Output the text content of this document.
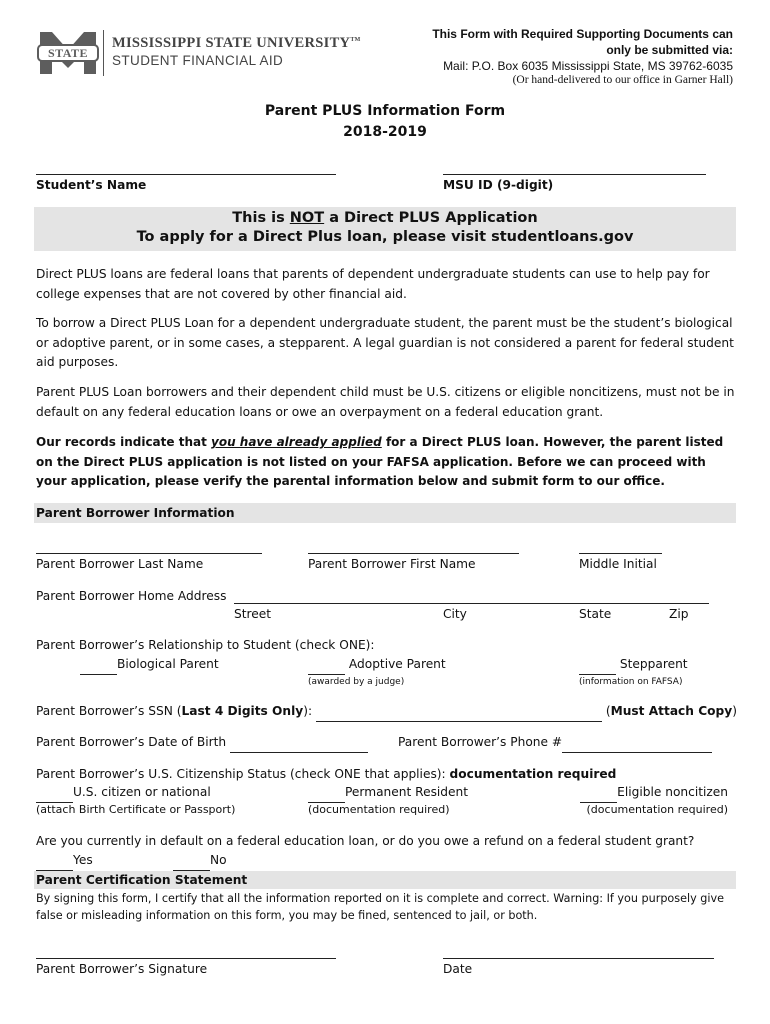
STATE
MISSISSIPPI STATE UNIVERSITY™
STUDENT FINANCIAL AID
This Form with Required Supporting Documents can
only be submitted via:
Mail: P.O. Box 6035 Mississippi State, MS 39762-6035
(Or hand-delivered to our office in Garner Hall)
Parent PLUS Information Form
2018-2019
Student’s Name	MSU ID (9-digit)
This is NOT a Direct PLUS Application
To apply for a Direct Plus loan, please visit studentloans.gov
Direct PLUS loans are federal loans that parents of dependent undergraduate students can use to help pay for college expenses that are not covered by other financial aid.
To borrow a Direct PLUS Loan for a dependent undergraduate student, the parent must be the student’s biological or adoptive parent, or in some cases, a stepparent. A legal guardian is not considered a parent for federal student aid purposes.
Parent PLUS Loan borrowers and their dependent child must be U.S. citizens or eligible noncitizens, must not be in default on any federal education loans or owe an overpayment on a federal education grant.
Our records indicate that you have already applied for a Direct PLUS loan. However, the parent listed on the Direct PLUS application is not listed on your FAFSA application. Before we can proceed with your application, please verify the parental information below and submit form to our office.
Parent Borrower Information
Parent Borrower Last Name	Parent Borrower First Name	Middle Initial
Parent Borrower Home Address
Street	City	State	Zip
Parent Borrower’s Relationship to Student (check ONE):
Biological Parent	Adoptive Parent
(awarded by a judge)
Stepparent
(information on FAFSA)
Parent Borrower’s SSN (Last 4 Digits Only):	(Must Attach Copy)
Parent Borrower’s Date of Birth	Parent Borrower’s Phone #
Parent Borrower’s U.S. Citizenship Status (check ONE that applies): documentation required
U.S. citizen or national
(attach Birth Certificate or Passport)
Permanent Resident
(documentation required)
Eligible noncitizen
(documentation required)
Are you currently in default on a federal education loan, or do you owe a refund on a federal student grant?
Yes	No
Parent Certification Statement
By signing this form, I certify that all the information reported on it is complete and correct. Warning: If you purposely give false or misleading information on this form, you may be fined, sentenced to jail, or both.
Parent Borrower’s Signature	Date
